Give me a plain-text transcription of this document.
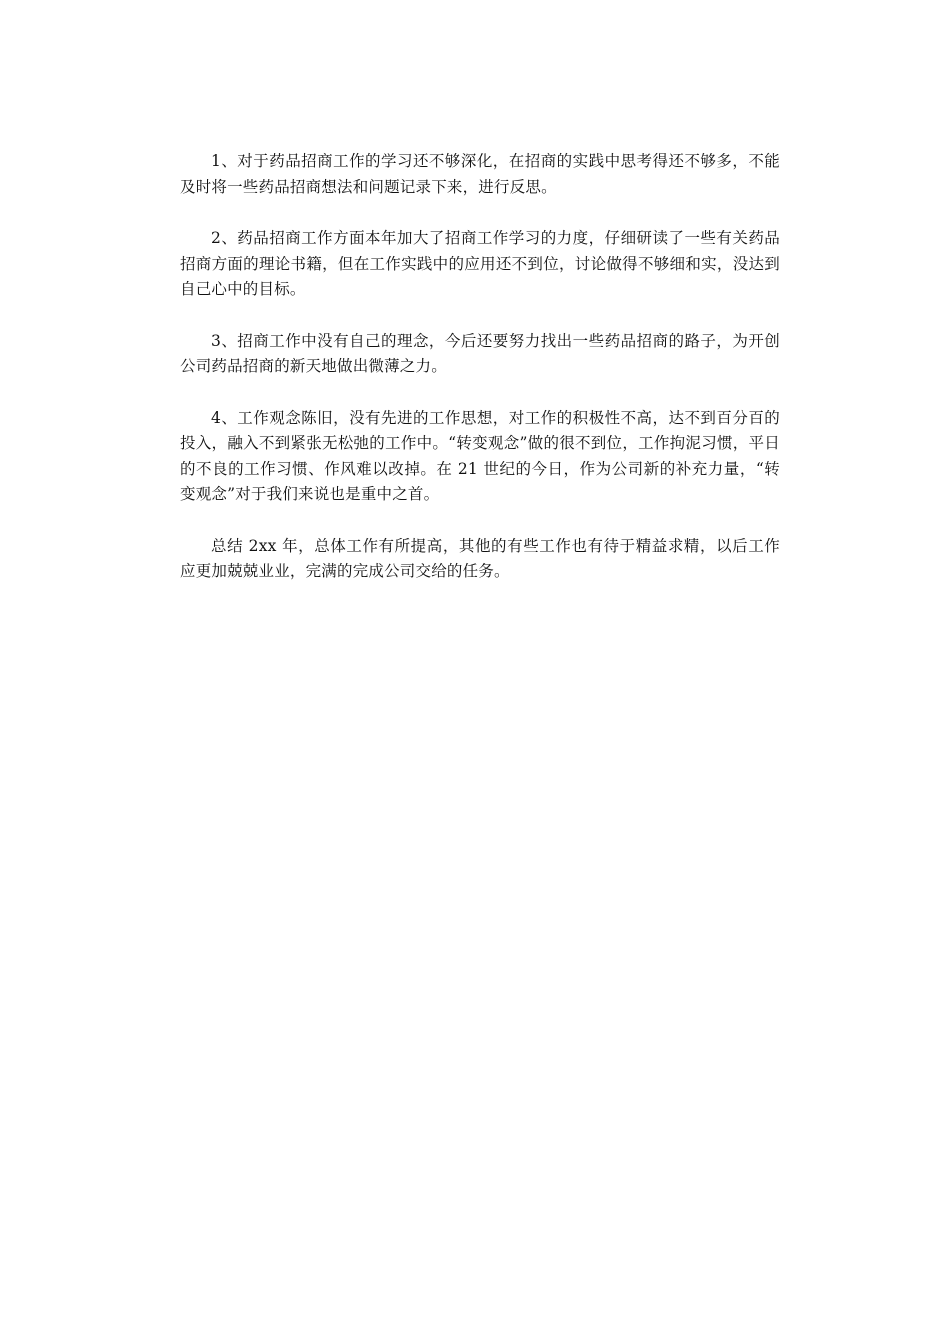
1、对于药品招商工作的学习还不够深化，在招商的实践中思考得还不够多，不能及时将一些药品招商想法和问题记录下来，进行反思。

2、药品招商工作方面本年加大了招商工作学习的力度，仔细研读了一些有关药品招商方面的理论书籍，但在工作实践中的应用还不到位，讨论做得不够细和实，没达到自己心中的目标。

3、招商工作中没有自己的理念，今后还要努力找出一些药品招商的路子，为开创公司药品招商的新天地做出微薄之力。

4、工作观念陈旧，没有先进的工作思想，对工作的积极性不高，达不到百分百的投入，融入不到紧张无松弛的工作中。“转变观念”做的很不到位，工作拘泥习惯，平日的不良的工作习惯、作风难以改掉。在 21 世纪的今日，作为公司新的补充力量，“转变观念”对于我们来说也是重中之首。

总结 2xx 年，总体工作有所提高，其他的有些工作也有待于精益求精，以后工作应更加兢兢业业，完满的完成公司交给的任务。
